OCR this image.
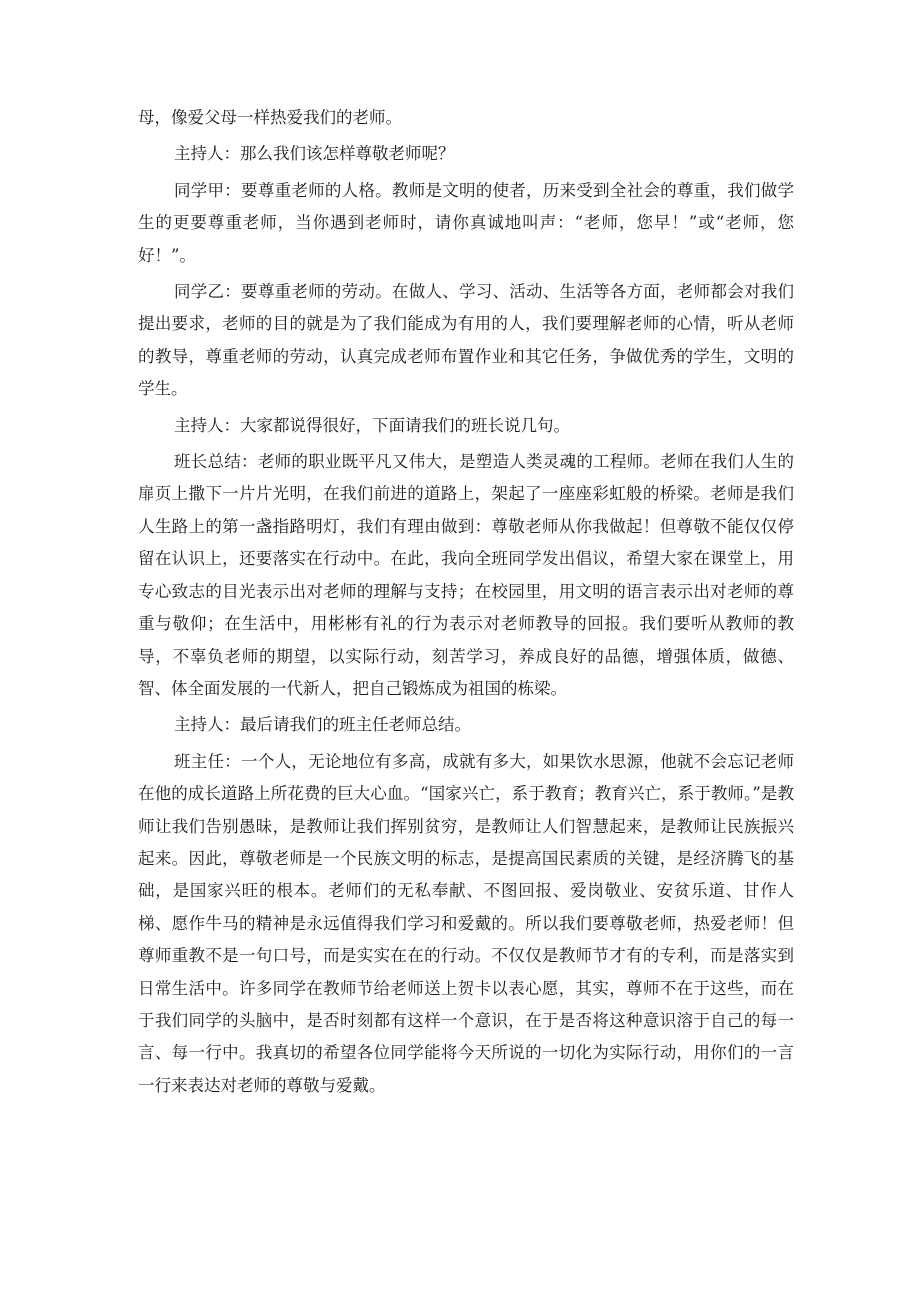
母，像爱父母一样热爱我们的老师。

主持人：那么我们该怎样尊敬老师呢？

同学甲：要尊重老师的人格。教师是文明的使者，历来受到全社会的尊重，我们做学生的更要尊重老师，当你遇到老师时，请你真诚地叫声：“老师，您早！”或“老师，您好！”。

同学乙：要尊重老师的劳动。在做人、学习、活动、生活等各方面，老师都会对我们提出要求，老师的目的就是为了我们能成为有用的人，我们要理解老师的心情，听从老师的教导，尊重老师的劳动，认真完成老师布置作业和其它任务，争做优秀的学生，文明的学生。

主持人：大家都说得很好，下面请我们的班长说几句。

班长总结：老师的职业既平凡又伟大，是塑造人类灵魂的工程师。老师在我们人生的扉页上撒下一片片光明，在我们前进的道路上，架起了一座座彩虹般的桥梁。老师是我们人生路上的第一盏指路明灯，我们有理由做到：尊敬老师从你我做起！但尊敬不能仅仅停留在认识上，还要落实在行动中。在此，我向全班同学发出倡议，希望大家在课堂上，用专心致志的目光表示出对老师的理解与支持；在校园里，用文明的语言表示出对老师的尊重与敬仰；在生活中，用彬彬有礼的行为表示对老师教导的回报。我们要听从教师的教导，不辜负老师的期望，以实际行动，刻苦学习，养成良好的品德，增强体质，做德、智、体全面发展的一代新人，把自己锻炼成为祖国的栋梁。

主持人：最后请我们的班主任老师总结。

班主任：一个人，无论地位有多高，成就有多大，如果饮水思源，他就不会忘记老师在他的成长道路上所花费的巨大心血。“国家兴亡，系于教育；教育兴亡，系于教师。”是教师让我们告别愚昧，是教师让我们挥别贫穷，是教师让人们智慧起来，是教师让民族振兴起来。因此，尊敬老师是一个民族文明的标志，是提高国民素质的关键，是经济腾飞的基础，是国家兴旺的根本。老师们的无私奉献、不图回报、爱岗敬业、安贫乐道、甘作人梯、愿作牛马的精神是永远值得我们学习和爱戴的。所以我们要尊敬老师，热爱老师！但尊师重教不是一句口号，而是实实在在的行动。不仅仅是教师节才有的专利，而是落实到日常生活中。许多同学在教师节给老师送上贺卡以表心愿，其实，尊师不在于这些，而在于我们同学的头脑中，是否时刻都有这样一个意识，在于是否将这种意识溶于自己的每一言、每一行中。我真切的希望各位同学能将今天所说的一切化为实际行动，用你们的一言一行来表达对老师的尊敬与爱戴。
